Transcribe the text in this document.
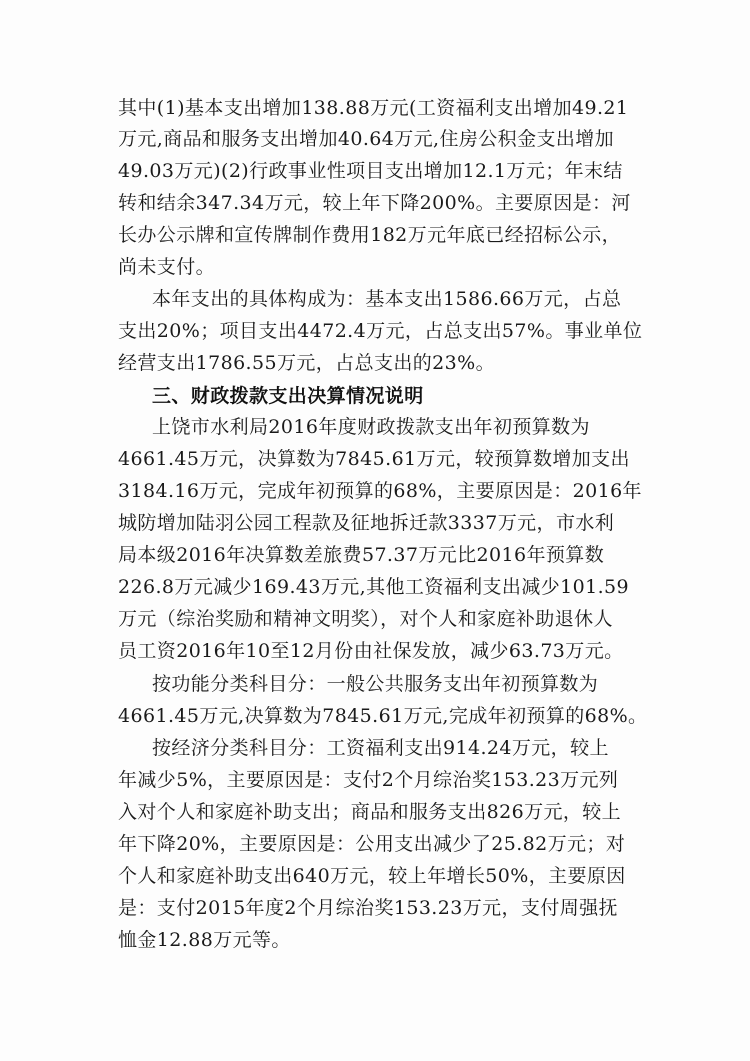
其中(1)基本支出增加138.88万元(工资福利支出增加49.21
万元,商品和服务支出增加40.64万元,住房公积金支出增加
49.03万元)(2)行政事业性项目支出增加12.1万元；年末结
转和结余347.34万元，较上年下降200%。主要原因是：河
长办公示牌和宣传牌制作费用182万元年底已经招标公示，
尚未支付。
本年支出的具体构成为：基本支出1586.66万元，占总
支出20%；项目支出4472.4万元，占总支出57%。事业单位
经营支出1786.55万元，占总支出的23%。
三、财政拨款支出决算情况说明
上饶市水利局2016年度财政拨款支出年初预算数为
4661.45万元，决算数为7845.61万元，较预算数增加支出
3184.16万元，完成年初预算的68%，主要原因是：2016年
城防增加陆羽公园工程款及征地拆迁款3337万元，市水利
局本级2016年决算数差旅费57.37万元比2016年预算数
226.8万元减少169.43万元,其他工资福利支出减少101.59
万元（综治奖励和精神文明奖），对个人和家庭补助退休人
员工资2016年10至12月份由社保发放，减少63.73万元。
按功能分类科目分：一般公共服务支出年初预算数为
4661.45万元,决算数为7845.61万元,完成年初预算的68%。
按经济分类科目分：工资福利支出914.24万元，较上
年减少5%，主要原因是：支付2个月综治奖153.23万元列
入对个人和家庭补助支出；商品和服务支出826万元，较上
年下降20%，主要原因是：公用支出减少了25.82万元；对
个人和家庭补助支出640万元，较上年增长50%，主要原因
是：支付2015年度2个月综治奖153.23万元，支付周强抚
恤金12.88万元等。
